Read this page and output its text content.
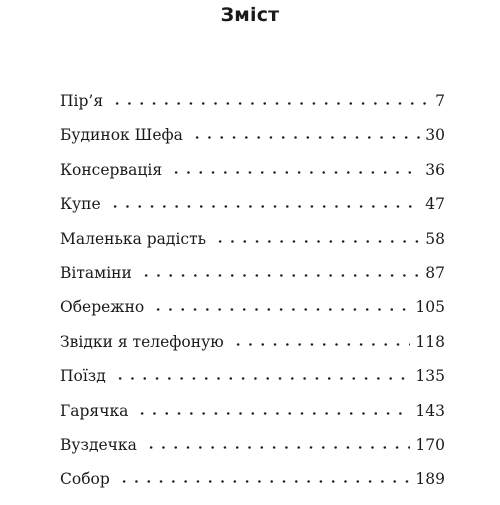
Зміст
Пір’я	7
Будинок Шефа	30
Консервація	36
Купе	47
Маленька радість	58
Вітаміни	87
Обережно	105
Звідки я телефоную	118
Поїзд	135
Гарячка	143
Вуздечка	170
Собор	189
